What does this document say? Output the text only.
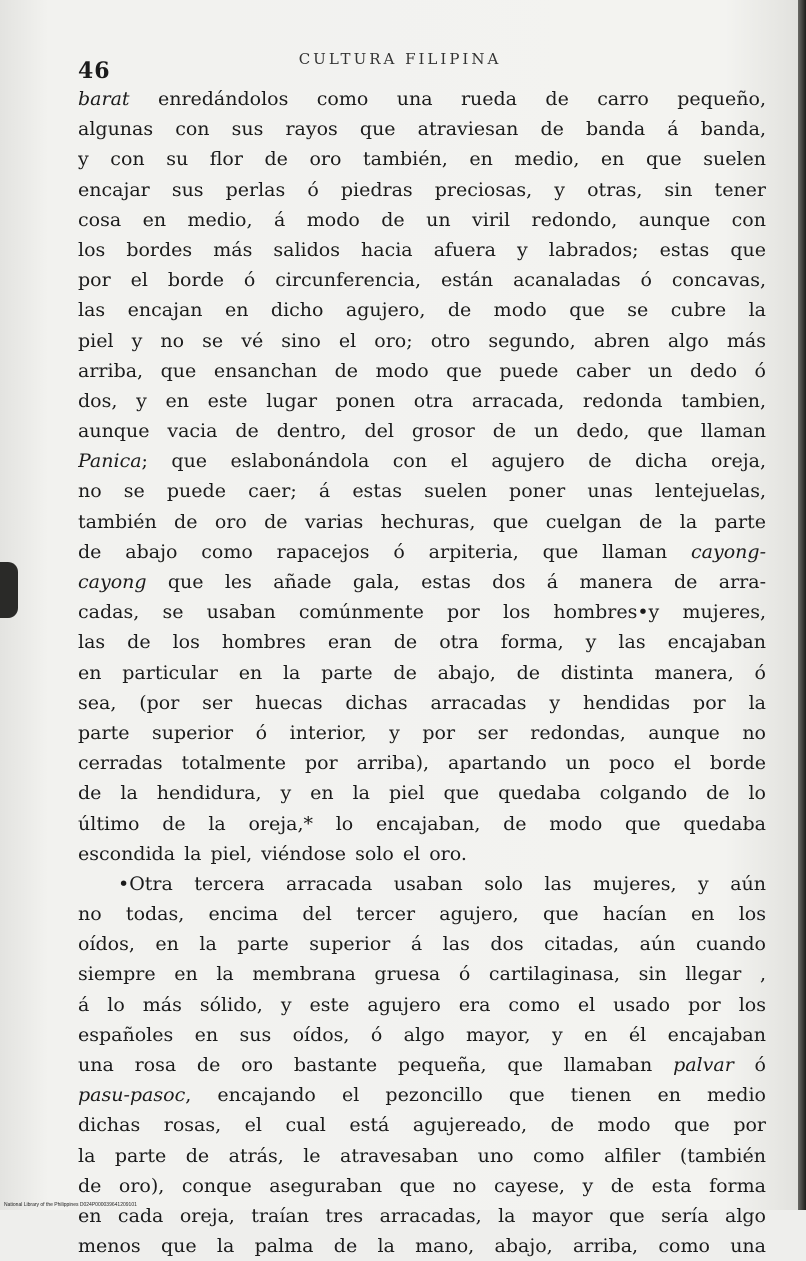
46	CULTURA FILIPINA
barat enredándolos como una rueda de carro pequeño,
algunas con sus rayos que atraviesan de banda á banda,
y con su flor de oro también, en medio, en que suelen
encajar sus perlas ó piedras preciosas, y otras, sin tener
cosa en medio, á modo de un viril redondo, aunque con
los bordes más salidos hacia afuera y labrados; estas que
por el borde ó circunferencia, están acanaladas ó concavas,
las encajan en dicho agujero, de modo que se cubre la
piel y no se vé sino el oro; otro segundo, abren algo más
arriba, que ensanchan de modo que puede caber un dedo ó
dos, y en este lugar ponen otra arracada, redonda tambien,
aunque vacia de dentro, del grosor de un dedo, que llaman
Panica; que eslabonándola con el agujero de dicha oreja,
no se puede caer; á estas suelen poner unas lentejuelas,
también de oro de varias hechuras, que cuelgan de la parte
de abajo como rapacejos ó arpiteria, que llaman cayong-
cayong que les añade gala, estas dos á manera de arra-
cadas, se usaban comúnmente por los hombres•y mujeres,
las de los hombres eran de otra forma, y las encajaban
en particular en la parte de abajo, de distinta manera, ó
sea, (por ser huecas dichas arracadas y hendidas por la
parte superior ó interior, y por ser redondas, aunque no
cerradas totalmente por arriba), apartando un poco el borde
de la hendidura, y en la piel que quedaba colgando de lo
último de la oreja,* lo encajaban, de modo que quedaba
escondida la piel, viéndose solo el oro.
•Otra tercera arracada usaban solo las mujeres, y aún
no todas, encima del tercer agujero, que hacían en los
oídos, en la parte superior á las dos citadas, aún cuando
siempre en la membrana gruesa ó cartilaginasa, sin llegar ,
á lo más sólido, y este agujero era como el usado por los
españoles en sus oídos, ó algo mayor, y en él encajaban
una rosa de oro bastante pequeña, que llamaban palvar ó
pasu-pasoc, encajando el pezoncillo que tienen en medio
dichas rosas, el cual está agujereado, de modo que por
la parte de atrás, le atravesaban uno como alfiler (también
de oro), conque aseguraban que no cayese, y de esta forma
en cada oreja, traían tres arracadas, la mayor que sería algo
menos que la palma de la mano, abajo, arriba, como una
National Library of the Philippines D024P000039641209101
